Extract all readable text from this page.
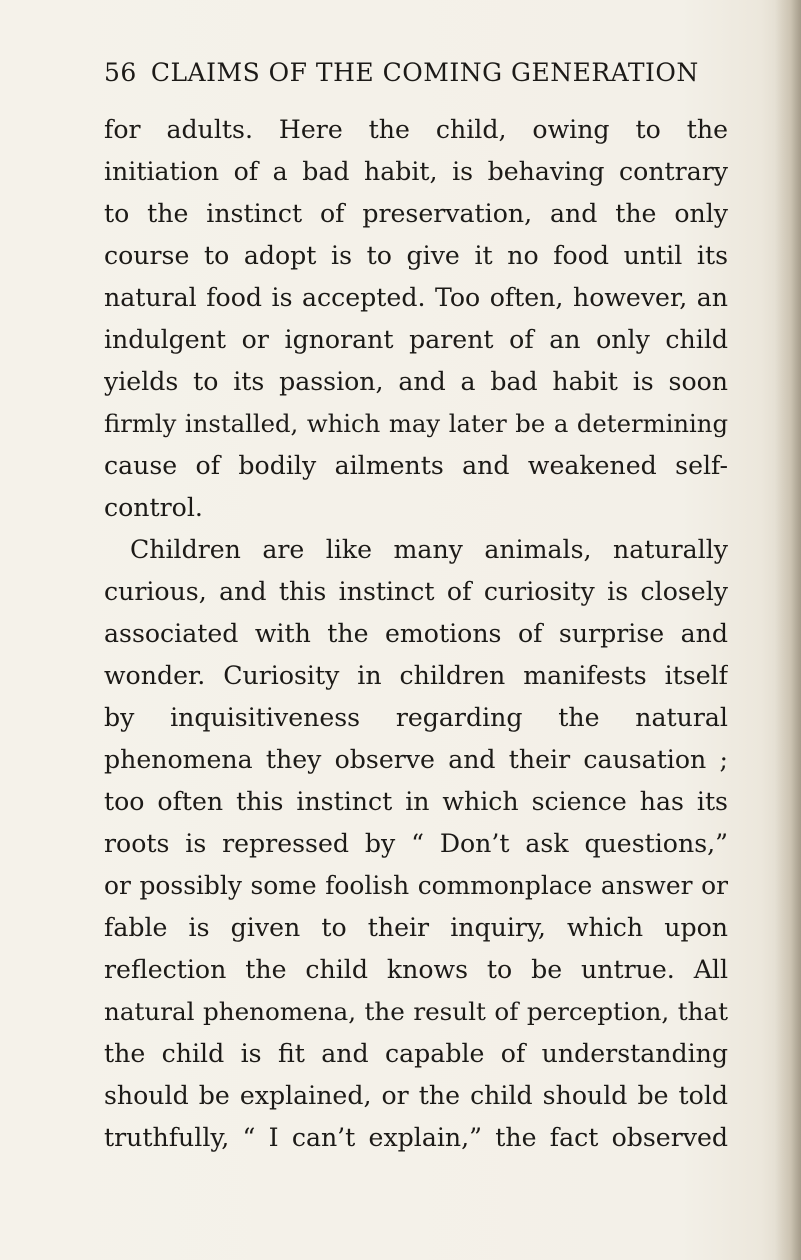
56 CLAIMS OF THE COMING GENERATION
for adults. Here the child, owing to the
initiation of a bad habit, is behaving contrary
to the instinct of preservation, and the only
course to adopt is to give it no food until its
natural food is accepted. Too often, however, an
indulgent or ignorant parent of an only child
yields to its passion, and a bad habit is soon
firmly installed, which may later be a determining
cause of bodily ailments and weakened self-
control.
Children are like many animals, naturally
curious, and this instinct of curiosity is closely
associated with the emotions of surprise and
wonder. Curiosity in children manifests itself
by inquisitiveness regarding the natural
phenomena they observe and their causation ;
too often this instinct in which science has its
roots is repressed by “ Don’t ask questions,”
or possibly some foolish commonplace answer or
fable is given to their inquiry, which upon
reflection the child knows to be untrue. All
natural phenomena, the result of perception, that
the child is fit and capable of understanding
should be explained, or the child should be told
truthfully, “ I can’t explain,” the fact observed
